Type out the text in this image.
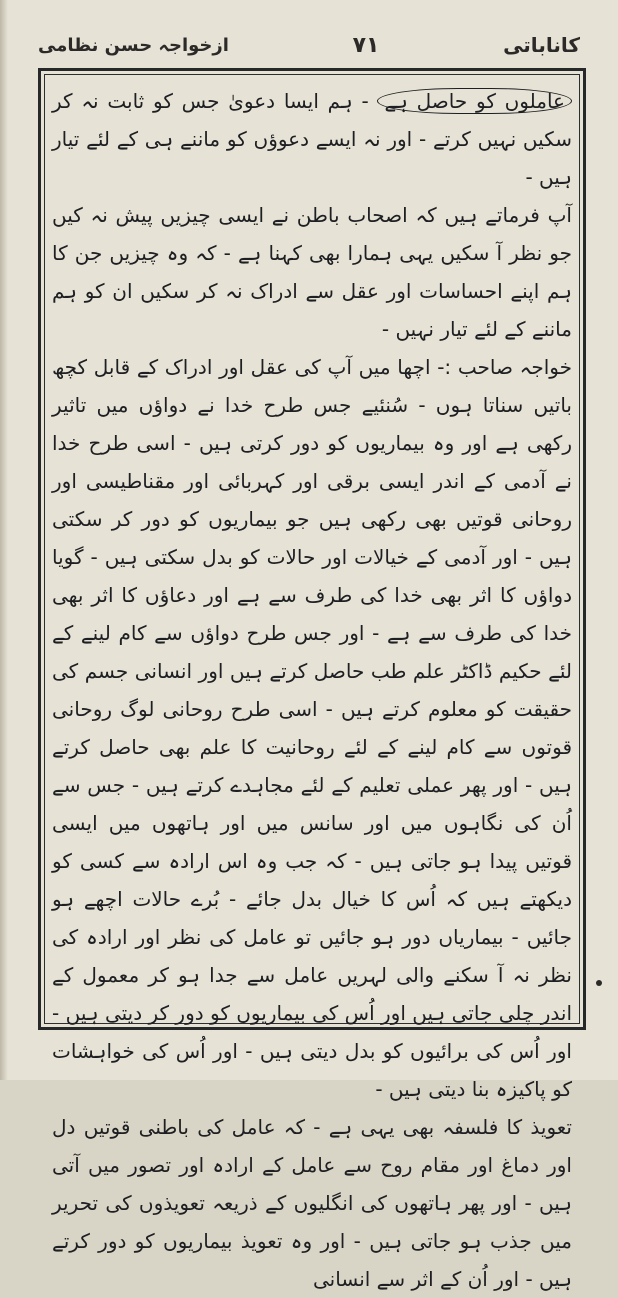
ازخواجہ حسن نظامی	٧١	کاناباتی

عاملوں کو حاصل ہے - ہم ایسا دعویٰ جس کو ثابت نہ کر سکیں نہیں کرتے - اور نہ ایسے دعوؤں کو ماننے ہی کے لئے تیار ہیں -

آپ فرماتے ہیں کہ اصحاب باطن نے ایسی چیزیں پیش نہ کیں جو نظر آ سکیں یہی ہمارا بھی کہنا ہے - کہ وہ چیزیں جن کا ہم اپنے احساسات اور عقل سے ادراک نہ کر سکیں ان کو ہم ماننے کے لئے تیار نہیں -

خواجہ صاحب :- اچھا میں آپ کی عقل اور ادراک کے قابل کچھ باتیں سناتا ہوں - سُنئیے جس طرح خدا نے دواؤں میں تاثیر رکھی ہے اور وہ بیماریوں کو دور کرتی ہیں - اسی طرح خدا نے آدمی کے اندر ایسی برقی اور کہربائی اور مقناطیسی اور روحانی قوتیں بھی رکھی ہیں جو بیماریوں کو دور کر سکتی ہیں - اور آدمی کے خیالات اور حالات کو بدل سکتی ہیں - گویا دواؤں کا اثر بھی خدا کی طرف سے ہے اور دعاؤں کا اثر بھی خدا کی طرف سے ہے - اور جس طرح دواؤں سے کام لینے کے لئے حکیم ڈاکٹر علم طب حاصل کرتے ہیں اور انسانی جسم کی حقیقت کو معلوم کرتے ہیں - اسی طرح روحانی لوگ روحانی قوتوں سے کام لینے کے لئے روحانیت کا علم بھی حاصل کرتے ہیں - اور پھر عملی تعلیم کے لئے مجاہدے کرتے ہیں - جس سے اُن کی نگاہوں میں اور سانس میں اور ہاتھوں میں ایسی قوتیں پیدا ہو جاتی ہیں - کہ جب وہ اس ارادہ سے کسی کو دیکھتے ہیں کہ اُس کا خیال بدل جائے - بُرے حالات اچھے ہو جائیں - بیماریاں دور ہو جائیں تو عامل کی نظر اور ارادہ کی نظر نہ آ سکنے والی لہریں عامل سے جدا ہو کر معمول کے اندر چلی جاتی ہیں اور اُس کی بیماریوں کو دور کر دیتی ہیں - اور اُس کی برائیوں کو بدل دیتی ہیں - اور اُس کی خواہشات کو پاکیزہ بنا دیتی ہیں -

تعویذ کا فلسفہ بھی یہی ہے - کہ عامل کی باطنی قوتیں دل اور دماغ اور مقام روح سے عامل کے ارادہ اور تصور میں آتی ہیں - اور پھر ہاتھوں کی انگلیوں کے ذریعہ تعویذوں کی تحریر میں جذب ہو جاتی ہیں - اور وہ تعویذ بیماریوں کو دور کرتے ہیں - اور اُن کے اثر سے انسانی
